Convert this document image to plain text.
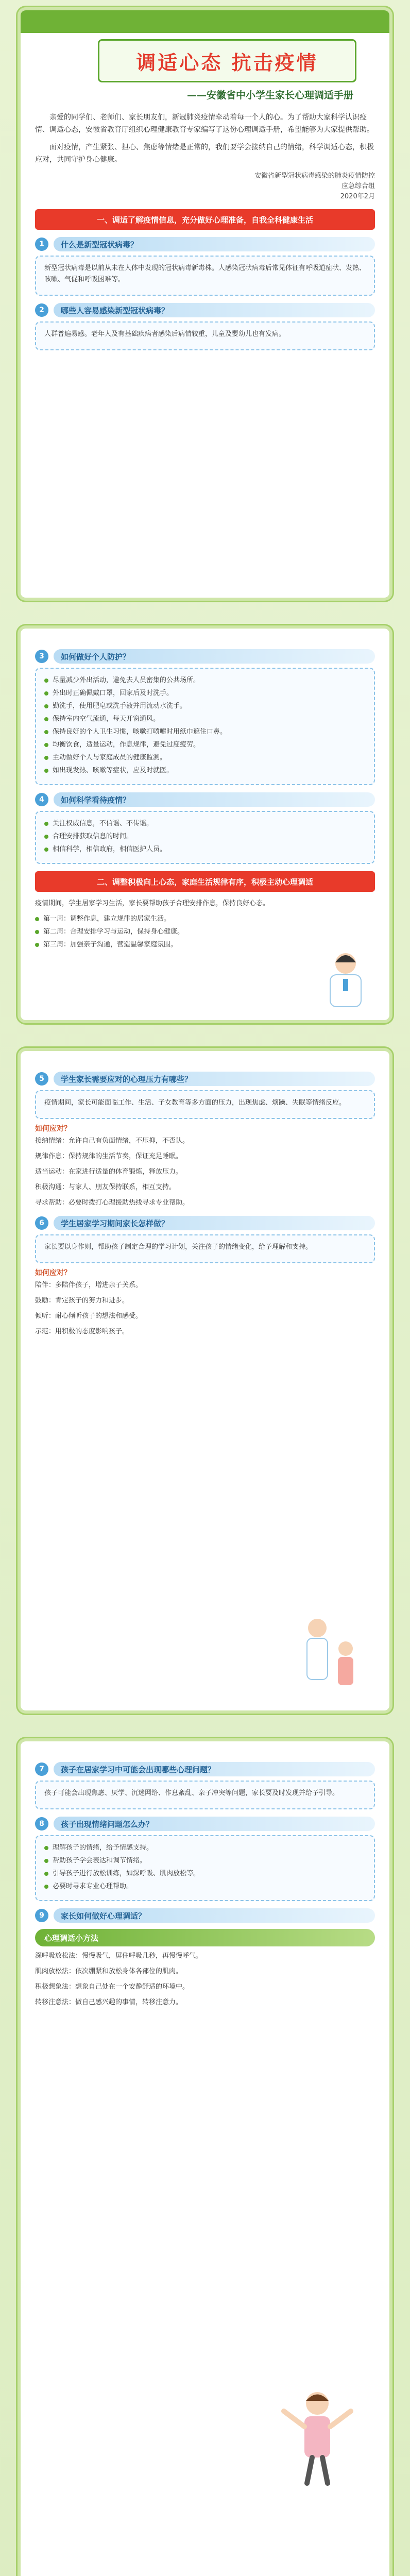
调适心态 抗击疫情
——安徽省中小学生家长心理调适手册

亲爱的同学们、老师们、家长朋友们，新冠肺炎疫情牵动着每一个人的心。为了帮助大家科学认识疫情、调适心态，安徽省教育厅组织心理健康教育专家编写了这份心理调适手册，希望能够为大家提供帮助。

面对疫情，产生紧张、担心、焦虑等情绪是正常的，我们要学会接纳自己的情绪，科学调适心态，积极应对，共同守护身心健康。

安徽省新型冠状病毒感染的肺炎疫情防控
应急综合组
2020年2月
一、调适了解疫情信息，充分做好心理准备，自我全科健康生活
1	什么是新型冠状病毒？

新型冠状病毒是以前从未在人体中发现的冠状病毒新毒株。人感染冠状病毒后常见体征有呼吸道症状、发热、咳嗽、气促和呼吸困难等。

2	哪些人容易感染新型冠状病毒？

人群普遍易感。老年人及有基础疾病者感染后病情较重，儿童及婴幼儿也有发病。

3	如何做好个人防护？
尽量减少外出活动，避免去人员密集的公共场所。
外出时正确佩戴口罩，回家后及时洗手。
勤洗手，使用肥皂或洗手液并用流动水洗手。
保持室内空气流通，每天开窗通风。
保持良好的个人卫生习惯，咳嗽打喷嚏时用纸巾遮住口鼻。
均衡饮食，适量运动，作息规律，避免过度疲劳。
主动做好个人与家庭成员的健康监测。
如出现发热、咳嗽等症状，应及时就医。
4	如何科学看待疫情？
关注权威信息，不信谣、不传谣。
合理安排获取信息的时间。
相信科学，相信政府，相信医护人员。
二、调整积极向上心态，家庭生活规律有序，积极主动心理调适

疫情期间，学生居家学习生活，家长要帮助孩子合理安排作息，保持良好心态。

第一周：调整作息，建立规律的居家生活。
第二周：合理安排学习与运动，保持身心健康。
第三周：加强亲子沟通，营造温馨家庭氛围。
5	学生家长需要应对的心理压力有哪些？

疫情期间，家长可能面临工作、生活、子女教育等多方面的压力，出现焦虑、烦躁、失眠等情绪反应。

如何应对？

接纳情绪：允许自己有负面情绪，不压抑，不否认。

规律作息：保持规律的生活节奏，保证充足睡眠。

适当运动：在家进行适量的体育锻炼，释放压力。

积极沟通：与家人、朋友保持联系，相互支持。

寻求帮助：必要时拨打心理援助热线寻求专业帮助。

6	学生居家学习期间家长怎样做？

家长要以身作则，帮助孩子制定合理的学习计划，关注孩子的情绪变化，给予理解和支持。

如何应对？

陪伴：多陪伴孩子，增进亲子关系。

鼓励：肯定孩子的努力和进步。

倾听：耐心倾听孩子的想法和感受。

示范：用积极的态度影响孩子。

7	孩子在居家学习中可能会出现哪些心理问题？

孩子可能会出现焦虑、厌学、沉迷网络、作息紊乱、亲子冲突等问题，家长要及时发现并给予引导。

8	孩子出现情绪问题怎么办？
理解孩子的情绪，给予情感支持。
帮助孩子学会表达和调节情绪。
引导孩子进行放松训练，如深呼吸、肌肉放松等。
必要时寻求专业心理帮助。
9	家长如何做好心理调适？
心理调适小方法

深呼吸放松法：慢慢吸气，屏住呼吸几秒，再慢慢呼气。

肌肉放松法：依次绷紧和放松身体各部位的肌肉。

积极想象法：想象自己处在一个安静舒适的环境中。

转移注意法：做自己感兴趣的事情，转移注意力。
